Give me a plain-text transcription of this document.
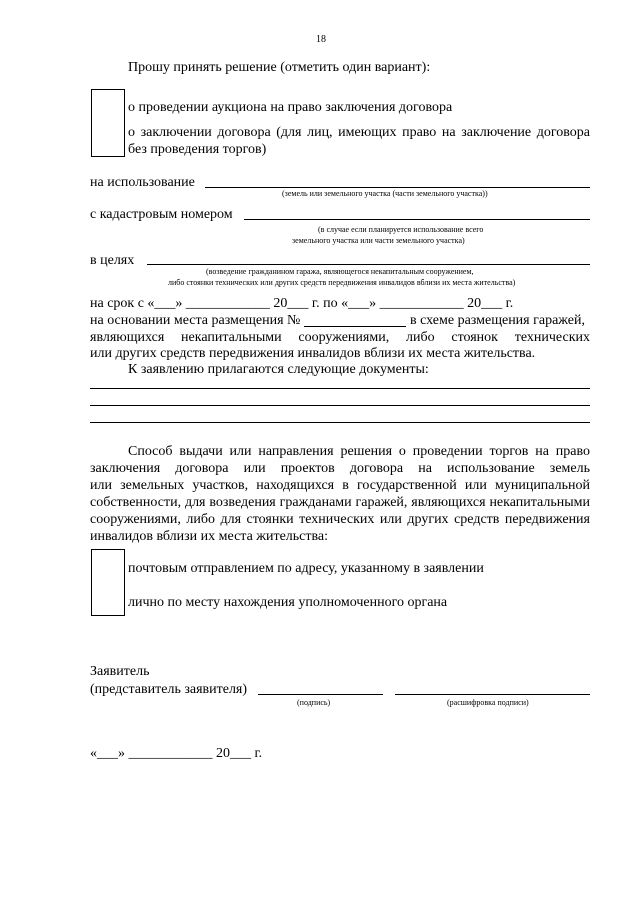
18
Прошу принять решение (отметить один вариант):
о проведении аукциона на право заключения договора
о заключении договора (для лиц, имеющих право на заключение договора
без проведения торгов)
на использование
(земель или земельного участка (части земельного участка))
с кадастровым номером
(в случае если планируется использование всего
земельного участка или части земельного участка)
в целях
(возведение гражданином гаража, являющегося некапитальным сооружением,
либо стоянки технических или других средств передвижения инвалидов вблизи их места жительства)
на срок с «___» ____________ 20___ г. по «___» ____________ 20___ г.
на основании места размещения №	в схеме размещения гаражей,
являющихся некапитальными сооружениями, либо стоянок технических
или других средств передвижения инвалидов вблизи их места жительства.
К заявлению прилагаются следующие документы:
Способ выдачи или направления решения о проведении торгов на право
заключения договора или проектов договора на использование земель
или земельных участков, находящихся в государственной или муниципальной
собственности, для возведения гражданами гаражей, являющихся некапитальными
сооружениями, либо для стоянки технических или других средств передвижения
инвалидов вблизи их места жительства:
почтовым отправлением по адресу, указанному в заявлении
лично по месту нахождения уполномоченного органа
Заявитель
(представитель заявителя)
(подпись)	(расшифровка подписи)
«___» ____________ 20___ г.
